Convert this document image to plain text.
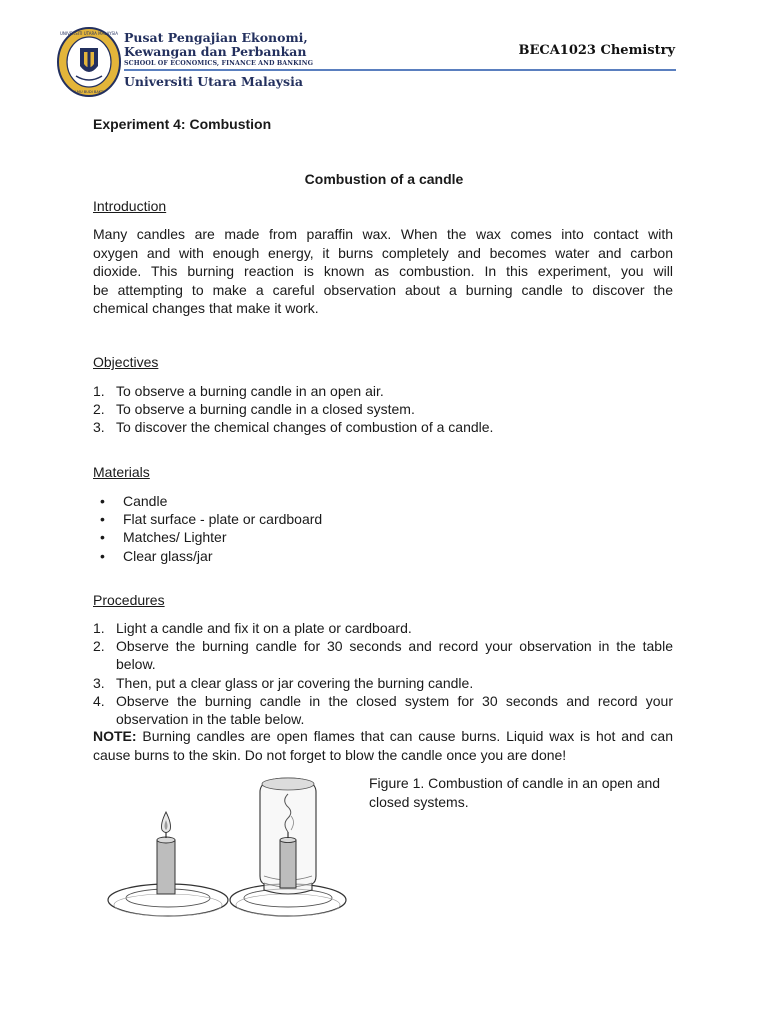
UNIVERSITI UTARA MALAYSIA
ILMU BUDI BAKTI
Pusat Pengajian Ekonomi,
Kewangan dan Perbankan
SCHOOL OF ECONOMICS, FINANCE AND BANKING
Universiti Utara Malaysia
BECA1023 Chemistry
Experiment 4: Combustion
Combustion of a candle
Introduction
Many candles are made from paraffin wax. When the wax comes into contact with
oxygen and with enough energy, it burns completely and becomes water and carbon
dioxide. This burning reaction is known as combustion. In this experiment, you will
be attempting to make a careful observation about a burning candle to discover the
chemical changes that make it work.
Objectives
1. To observe a burning candle in an open air.
2. To observe a burning candle in a closed system.
3. To discover the chemical changes of combustion of a candle.
Materials
• Candle
• Flat surface - plate or cardboard
• Matches/ Lighter
• Clear glass/jar
Procedures
1. Light a candle and fix it on a plate or cardboard.
2. Observe the burning candle for 30 seconds and record your observation in the table below.
3. Then, put a clear glass or jar covering the burning candle.
4. Observe the burning candle in the closed system for 30 seconds and record your observation in the table below.
NOTE: Burning candles are open flames that can cause burns. Liquid wax is hot and can cause burns to the skin. Do not forget to blow the candle once you are done!
Figure 1. Combustion of candle in an open and closed systems.
